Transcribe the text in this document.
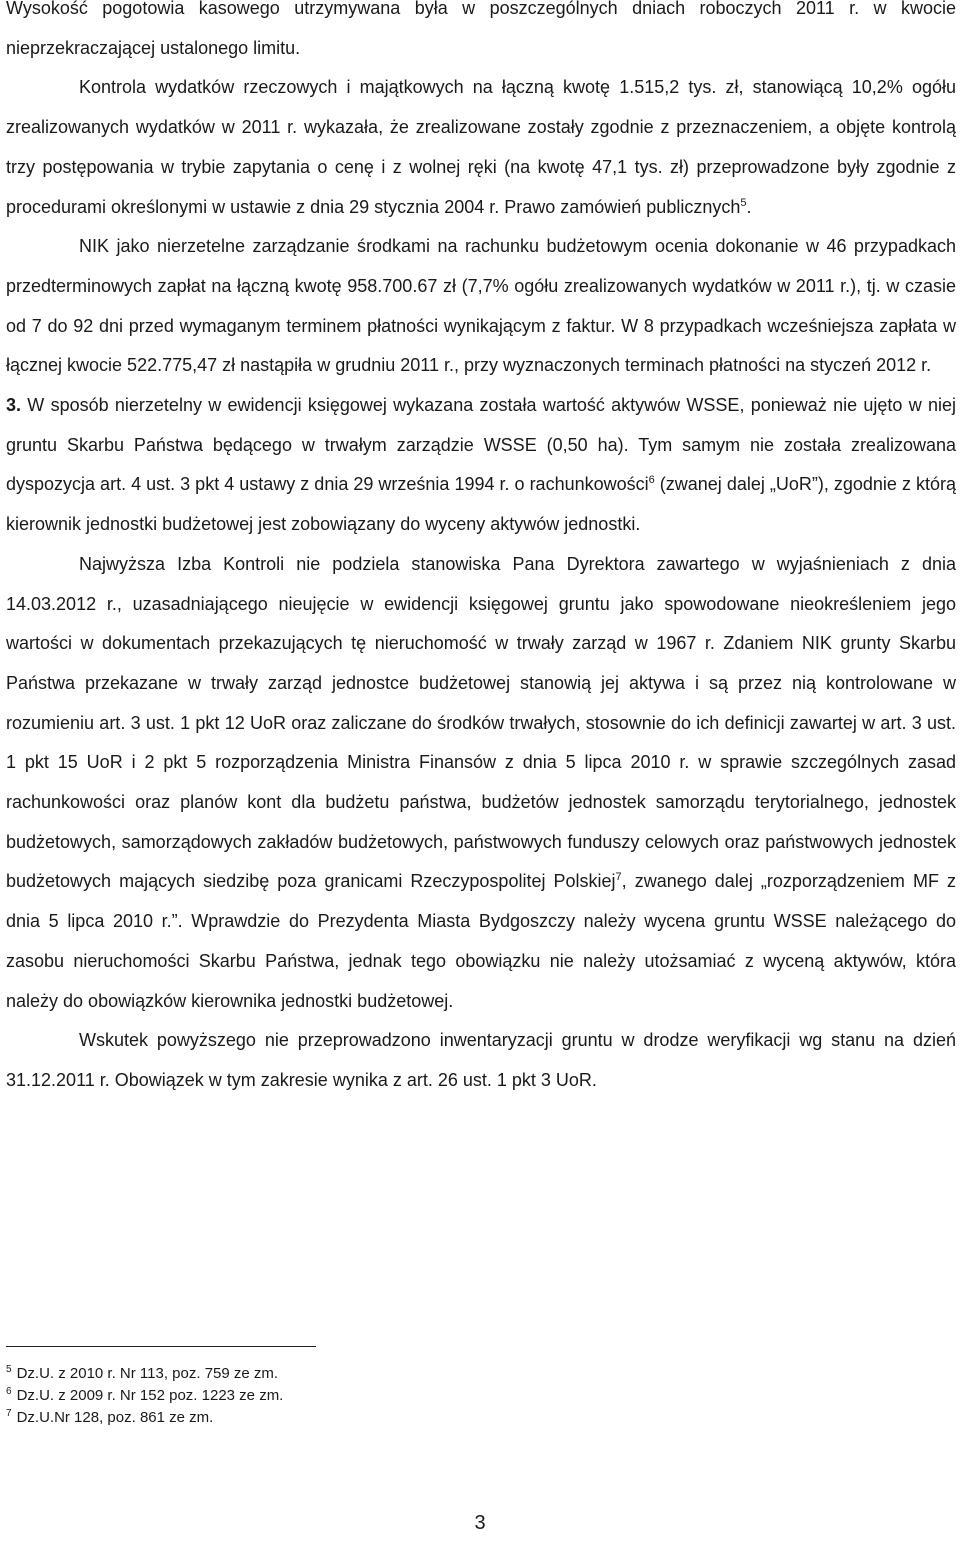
Wysokość pogotowia kasowego utrzymywana była w poszczególnych dniach roboczych 2011 r. w kwocie nieprzekraczającej ustalonego limitu.

Kontrola wydatków rzeczowych i majątkowych na łączną kwotę 1.515,2 tys. zł, stanowiącą 10,2% ogółu zrealizowanych wydatków w 2011 r. wykazała, że zrealizowane zostały zgodnie z przeznaczeniem, a objęte kontrolą trzy postępowania w trybie zapytania o cenę i z wolnej ręki (na kwotę 47,1 tys. zł) przeprowadzone były zgodnie z procedurami określonymi w ustawie z dnia 29 stycznia 2004 r. Prawo zamówień publicznych$^5$.

NIK jako nierzetelne zarządzanie środkami na rachunku budżetowym ocenia dokonanie w 46 przypadkach przedterminowych zapłat na łączną kwotę 958.700.67 zł (7,7% ogółu zrealizowanych wydatków w 2011 r.), tj. w czasie od 7 do 92 dni przed wymaganym terminem płatności wynikającym z faktur. W 8 przypadkach wcześniejsza zapłata w łącznej kwocie 522.775,47 zł nastąpiła w grudniu 2011 r., przy wyznaczonych terminach płatności na styczeń 2012 r.

3. W sposób nierzetelny w ewidencji księgowej wykazana została wartość aktywów WSSE, ponieważ nie ujęto w niej gruntu Skarbu Państwa będącego w trwałym zarządzie WSSE (0,50 ha). Tym samym nie została zrealizowana dyspozycja art. 4 ust. 3 pkt 4 ustawy z dnia 29 września 1994 r. o rachunkowości$^6$ (zwanej dalej „UoR”), zgodnie z którą kierownik jednostki budżetowej jest zobowiązany do wyceny aktywów jednostki.

Najwyższa Izba Kontroli nie podziela stanowiska Pana Dyrektora zawartego w wyjaśnieniach z dnia 14.03.2012 r., uzasadniającego nieujęcie w ewidencji księgowej gruntu jako spowodowane nieokreśleniem jego wartości w dokumentach przekazujących tę nieruchomość w trwały zarząd w 1967 r. Zdaniem NIK grunty Skarbu Państwa przekazane w trwały zarząd jednostce budżetowej stanowią jej aktywa i są przez nią kontrolowane w rozumieniu art. 3 ust. 1 pkt 12 UoR oraz zaliczane do środków trwałych, stosownie do ich definicji zawartej w art. 3 ust. 1 pkt 15 UoR i 2 pkt 5 rozporządzenia Ministra Finansów z dnia 5 lipca 2010 r. w sprawie szczególnych zasad rachunkowości oraz planów kont dla budżetu państwa, budżetów jednostek samorządu terytorialnego, jednostek budżetowych, samorządowych zakładów budżetowych, państwowych funduszy celowych oraz państwowych jednostek budżetowych mających siedzibę poza granicami Rzeczypospolitej Polskiej$^7$, zwanego dalej „rozporządzeniem MF z dnia 5 lipca 2010 r.”. Wprawdzie do Prezydenta Miasta Bydgoszczy należy wycena gruntu WSSE należącego do zasobu nieruchomości Skarbu Państwa, jednak tego obowiązku nie należy utożsamiać z wyceną aktywów, która należy do obowiązków kierownika jednostki budżetowej.

Wskutek powyższego nie przeprowadzono inwentaryzacji gruntu w drodze weryfikacji wg stanu na dzień 31.12.2011 r. Obowiązek w tym zakresie wynika z art. 26 ust. 1 pkt 3 UoR.

$^5$ Dz.U. z 2010 r. Nr 113, poz. 759 ze zm.

$^6$ Dz.U. z 2009 r. Nr 152 poz. 1223 ze zm.

$^7$ Dz.U.Nr 128, poz. 861 ze zm.

3
